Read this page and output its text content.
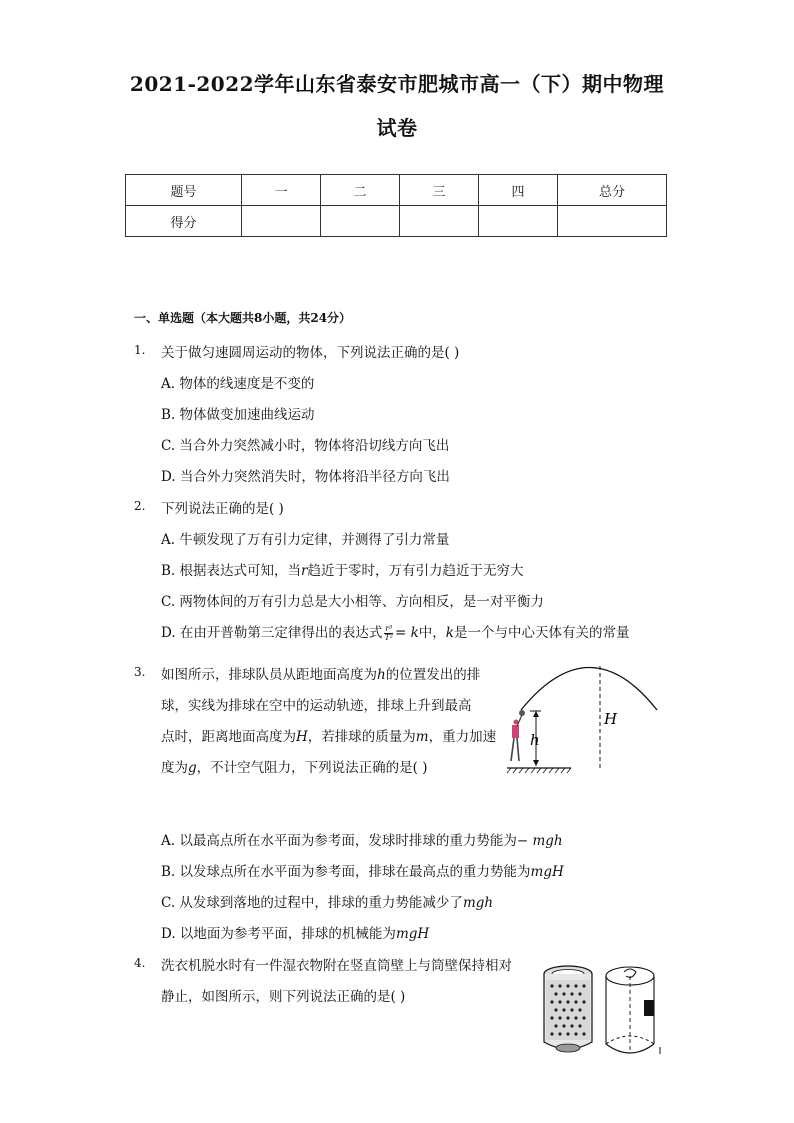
2021-2022学年山东省泰安市肥城市高一（下）期中物理
试卷
题号	一	二	三	四	总分
得分					
一、单选题（本大题共8小题，共24分）
1. 关于做匀速圆周运动的物体，下列说法正确的是( )
A. 物体的线速度是不变的
B. 物体做变加速曲线运动
C. 当合外力突然减小时，物体将沿切线方向飞出
D. 当合外力突然消失时，物体将沿半径方向飞出
2. 下列说法正确的是( )
A. 牛顿发现了万有引力定律，并测得了引力常量
B. 根据表达式可知，当r趋近于零时，万有引力趋近于无穷大
C. 两物体间的万有引力总是大小相等、方向相反，是一对平衡力
D. 在由开普勒第三定律得出的表达式 $\frac{\text{r³}}{\text{T²}} = k$中，k是一个与中心天体有关的常量
3. 如图所示，排球队员从距地面高度为h的位置发出的排
球，实线为排球在空中的运动轨迹，排球上升到最高
点时，距离地面高度为H，若排球的质量为m，重力加速
度为g，不计空气阻力，下列说法正确的是( )
H
h
A. 以最高点所在水平面为参考面，发球时排球的重力势能为− mgh
B. 以发球点所在水平面为参考面，排球在最高点的重力势能为mgH
C. 从发球到落地的过程中，排球的重力势能减少了mgh
D. 以地面为参考平面，排球的机械能为mgH
4. 洗衣机脱水时有一件湿衣物附在竖直筒壁上与筒壁保持相对
静止，如图所示，则下列说法正确的是( )
